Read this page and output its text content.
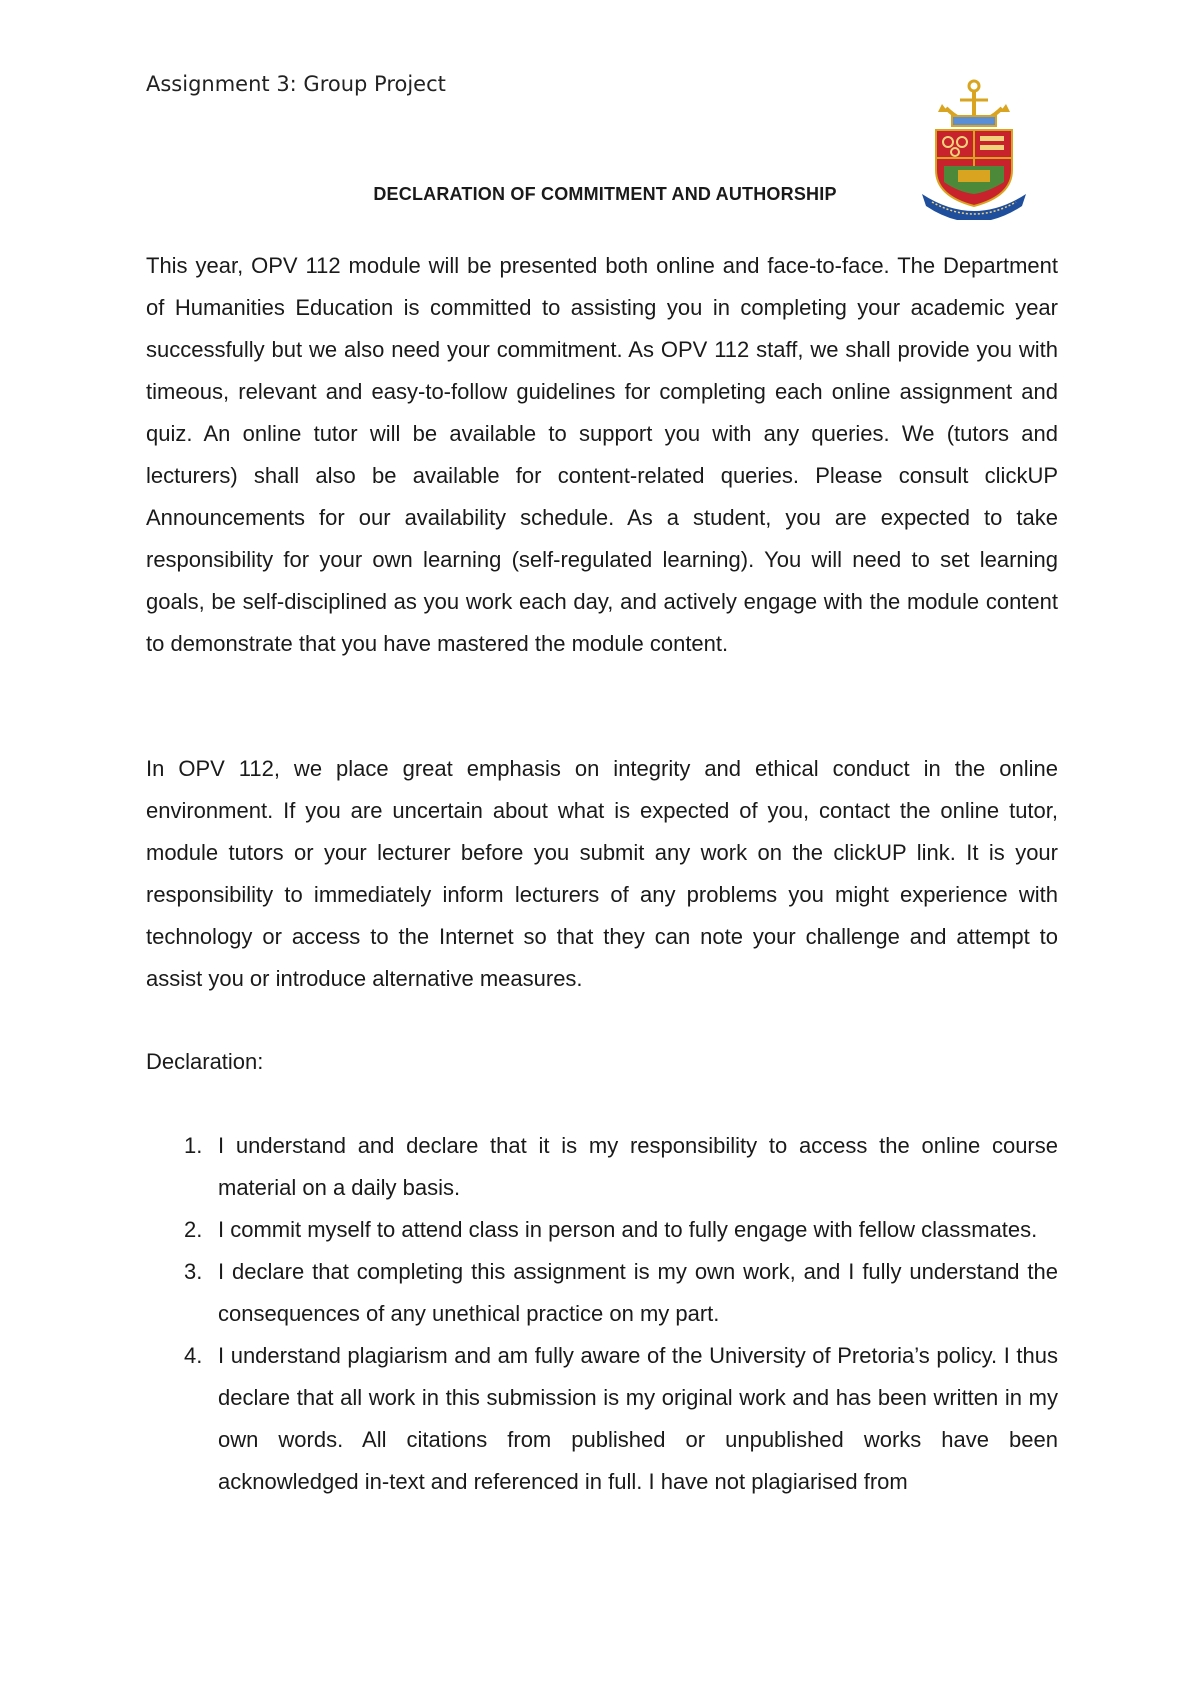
Assignment 3: Group Project
DECLARATION OF COMMITMENT AND AUTHORSHIP

This year, OPV 112 module will be presented both online and face-to-face. The Department of Humanities Education is committed to assisting you in completing your academic year successfully but we also need your commitment. As OPV 112 staff, we shall provide you with timeous, relevant and easy-to-follow guidelines for completing each online assignment and quiz. An online tutor will be available to support you with any queries. We (tutors and lecturers) shall also be available for content-related queries. Please consult clickUP Announcements for our availability schedule. As a student, you are expected to take responsibility for your own learning (self-regulated learning). You will need to set learning goals, be self-disciplined as you work each day, and actively engage with the module content to demonstrate that you have mastered the module content.

In OPV 112, we place great emphasis on integrity and ethical conduct in the online environment. If you are uncertain about what is expected of you, contact the online tutor, module tutors or your lecturer before you submit any work on the clickUP link. It is your responsibility to immediately inform lecturers of any problems you might experience with technology or access to the Internet so that they can note your challenge and attempt to assist you or introduce alternative measures.

Declaration:

1. I understand and declare that it is my responsibility to access the online course material on a daily basis.
2. I commit myself to attend class in person and to fully engage with fellow classmates.
3. I declare that completing this assignment is my own work, and I fully understand the consequences of any unethical practice on my part.
4. I understand plagiarism and am fully aware of the University of Pretoria’s policy. I thus declare that all work in this submission is my original work and has been written in my own words. All citations from published or unpublished works have been acknowledged in-text and referenced in full. I have not plagiarised from
